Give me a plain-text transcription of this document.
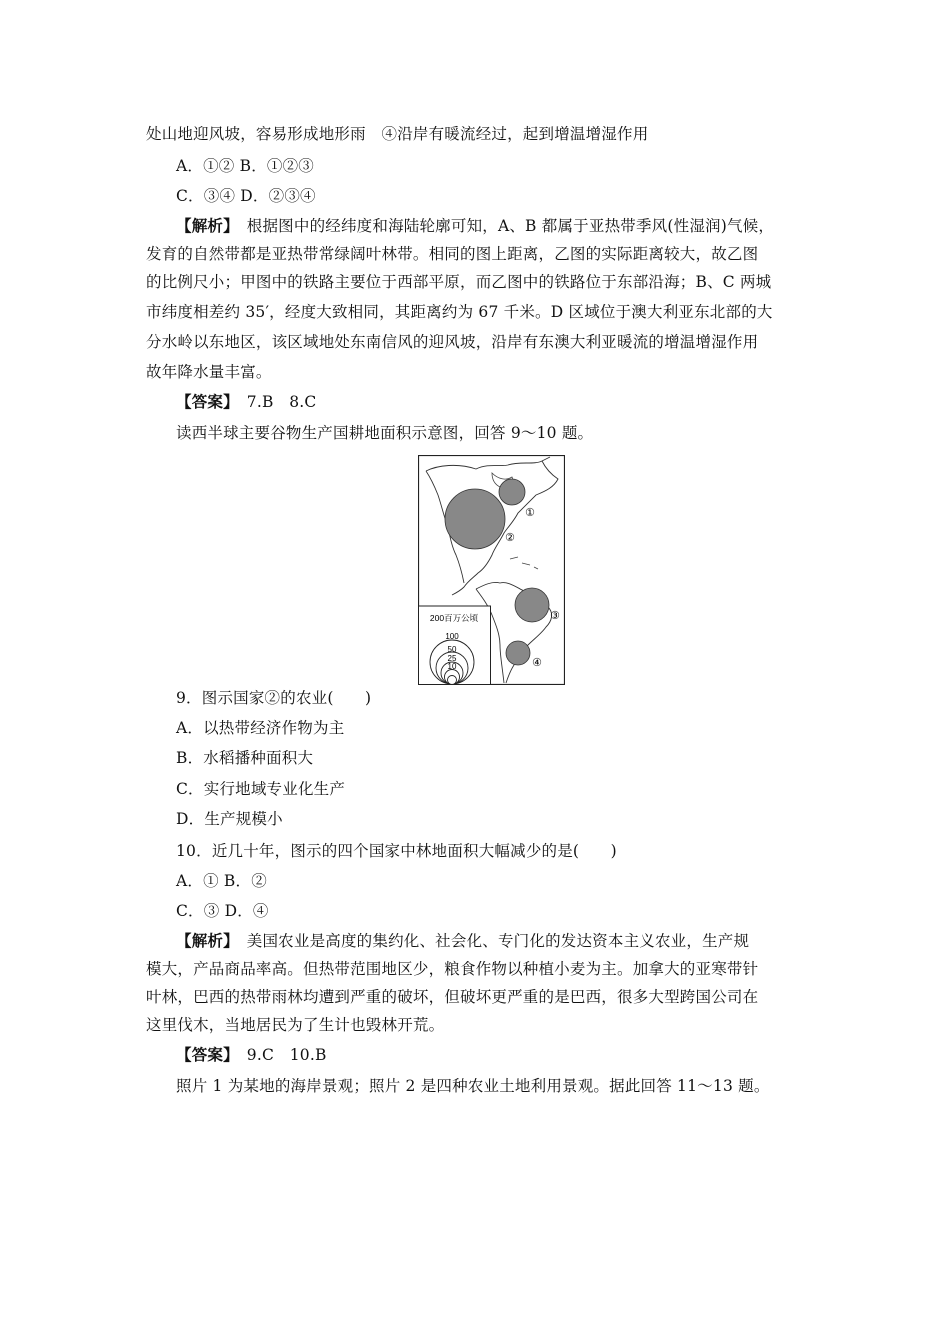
处山地迎风坡，容易形成地形雨　④沿岸有暖流经过，起到增温增湿作用
A．①② B．①②③
C．③④ D．②③④
【解析】　根据图中的经纬度和海陆轮廓可知，A、B 都属于亚热带季风(性湿润)气候，
发育的自然带都是亚热带常绿阔叶林带。相同的图上距离，乙图的实际距离较大，故乙图
的比例尺小；甲图中的铁路主要位于西部平原，而乙图中的铁路位于东部沿海；B、C 两城
市纬度相差约 35′，经度大致相同，其距离约为 67 千米。D 区域位于澳大利亚东北部的大
分水岭以东地区，该区域地处东南信风的迎风坡，沿岸有东澳大利亚暖流的增温增湿作用
故年降水量丰富。
【答案】　7.B　8.C
读西半球主要谷物生产国耕地面积示意图，回答 9～10 题。
200百万公顷
100
50
25
10
①
②
③
④
9．图示国家②的农业(　　)
A．以热带经济作物为主
B．水稻播种面积大
C．实行地域专业化生产
D．生产规模小
10．近几十年，图示的四个国家中林地面积大幅减少的是(　　)
A．① B．②
C．③ D．④
【解析】　美国农业是高度的集约化、社会化、专门化的发达资本主义农业，生产规
模大，产品商品率高。但热带范围地区少，粮食作物以种植小麦为主。加拿大的亚寒带针
叶林，巴西的热带雨林均遭到严重的破坏，但破坏更严重的是巴西，很多大型跨国公司在
这里伐木，当地居民为了生计也毁林开荒。
【答案】　9.C　10.B
照片 1 为某地的海岸景观；照片 2 是四种农业土地利用景观。据此回答 11～13 题。
